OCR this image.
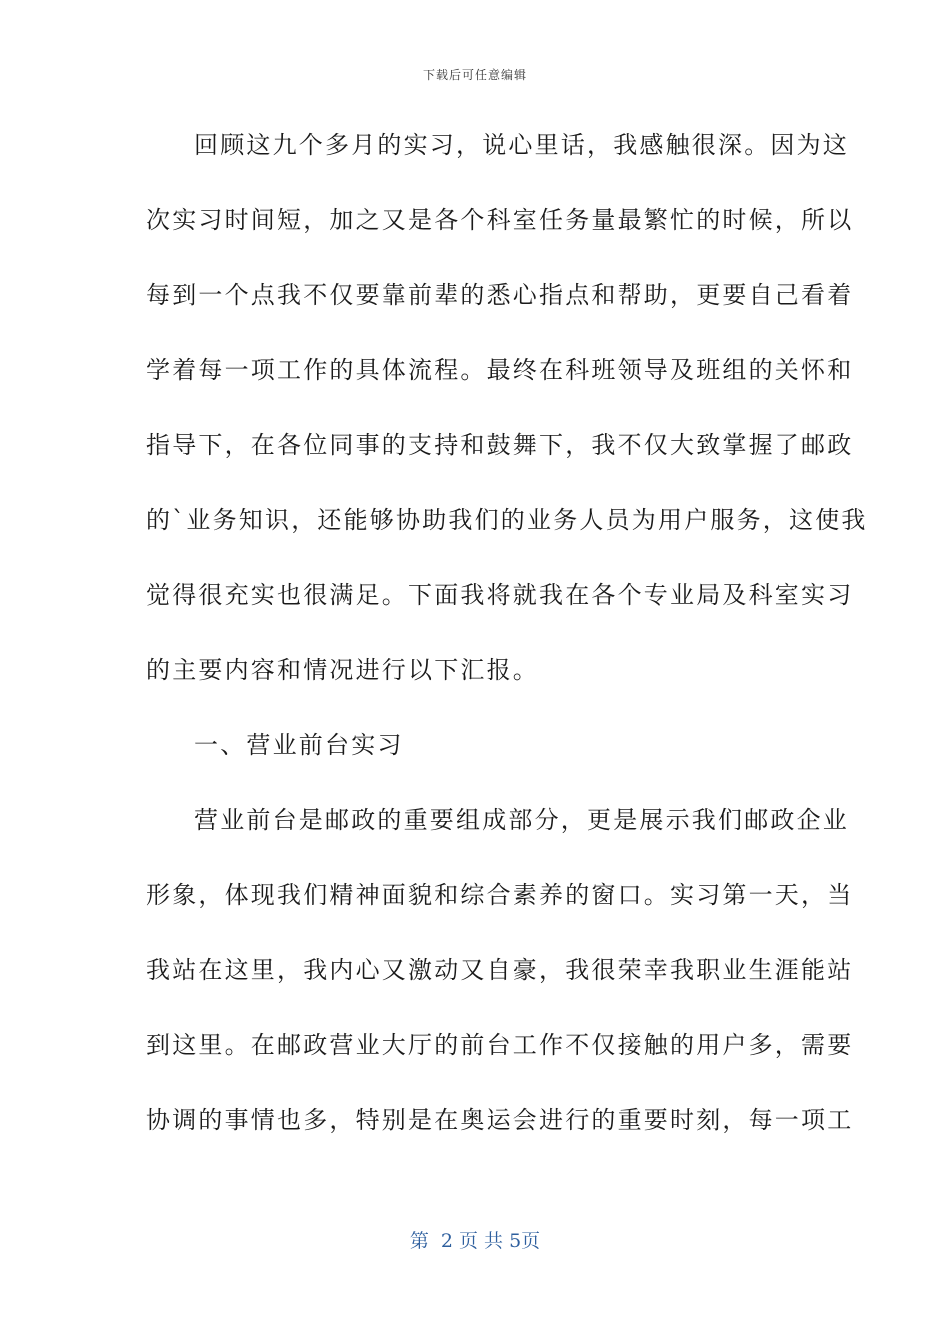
下载后可任意编辑
回顾这九个多月的实习，说心里话，我感触很深。因为这
次实习时间短，加之又是各个科室任务量最繁忙的时候，所以
每到一个点我不仅要靠前辈的悉心指点和帮助，更要自己看着
学着每一项工作的具体流程。最终在科班领导及班组的关怀和
指导下，在各位同事的支持和鼓舞下，我不仅大致掌握了邮政
的`业务知识，还能够协助我们的业务人员为用户服务，这使我
觉得很充实也很满足。下面我将就我在各个专业局及科室实习
的主要内容和情况进行以下汇报。
一、营业前台实习
营业前台是邮政的重要组成部分，更是展示我们邮政企业
形象，体现我们精神面貌和综合素养的窗口。实习第一天，当
我站在这里，我内心又激动又自豪，我很荣幸我职业生涯能站
到这里。在邮政营业大厅的前台工作不仅接触的用户多，需要
协调的事情也多，特别是在奥运会进行的重要时刻，每一项工
第  2 页 共 5页
